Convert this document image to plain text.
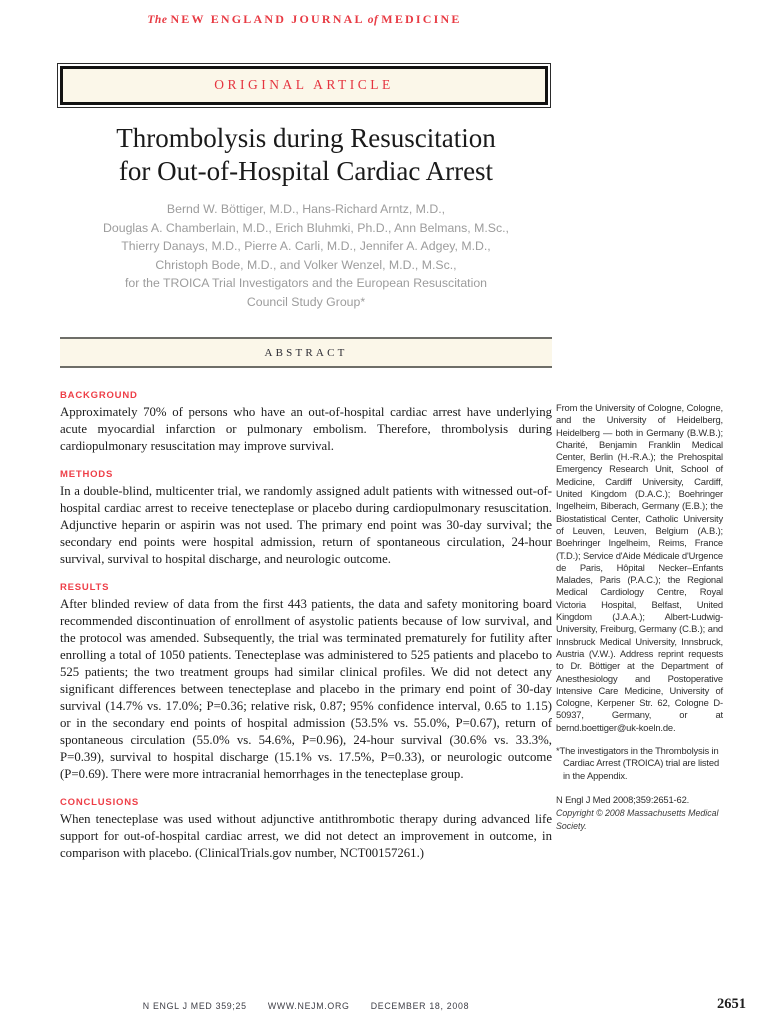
The NEW ENGLAND JOURNAL of MEDICINE
ORIGINAL ARTICLE
Thrombolysis during Resuscitation
for Out-of-Hospital Cardiac Arrest
Bernd W. Böttiger, M.D., Hans-Richard Arntz, M.D.,
Douglas A. Chamberlain, M.D., Erich Bluhmki, Ph.D., Ann Belmans, M.Sc.,
Thierry Danays, M.D., Pierre A. Carli, M.D., Jennifer A. Adgey, M.D.,
Christoph Bode, M.D., and Volker Wenzel, M.D., M.Sc.,
for the TROICA Trial Investigators and the European Resuscitation
Council Study Group*
ABSTRACT
BACKGROUND

Approximately 70% of persons who have an out-of-hospital cardiac arrest have underlying acute myocardial infarction or pulmonary embolism. Therefore, thrombolysis during cardiopulmonary resuscitation may improve survival.

METHODS

In a double-blind, multicenter trial, we randomly assigned adult patients with witnessed out-of-hospital cardiac arrest to receive tenecteplase or placebo during cardiopulmonary resuscitation. Adjunctive heparin or aspirin was not used. The primary end point was 30-day survival; the secondary end points were hospital admission, return of spontaneous circulation, 24-hour survival, survival to hospital discharge, and neurologic outcome.

RESULTS

After blinded review of data from the first 443 patients, the data and safety monitoring board recommended discontinuation of enrollment of asystolic patients because of low survival, and the protocol was amended. Subsequently, the trial was terminated prematurely for futility after enrolling a total of 1050 patients. Tenecteplase was administered to 525 patients and placebo to 525 patients; the two treatment groups had similar clinical profiles. We did not detect any significant differences between tenecteplase and placebo in the primary end point of 30-day survival (14.7% vs. 17.0%; P=0.36; relative risk, 0.87; 95% confidence interval, 0.65 to 1.15) or in the secondary end points of hospital admission (53.5% vs. 55.0%, P=0.67), return of spontaneous circulation (55.0% vs. 54.6%, P=0.96), 24-hour survival (30.6% vs. 33.3%, P=0.39), survival to hospital discharge (15.1% vs. 17.5%, P=0.33), or neurologic outcome (P=0.69). There were more intracranial hemorrhages in the tenecteplase group.

CONCLUSIONS

When tenecteplase was used without adjunctive antithrombotic therapy during advanced life support for out-of-hospital cardiac arrest, we did not detect an improvement in outcome, in comparison with placebo. (ClinicalTrials.gov number, NCT00157261.)

From the University of Cologne, Cologne, and the University of Heidelberg, Heidelberg — both in Germany (B.W.B.); Charité, Benjamin Franklin Medical Center, Berlin (H.-R.A.); the Prehospital Emergency Research Unit, School of Medicine, Cardiff University, Cardiff, United Kingdom (D.A.C.); Boehringer Ingelheim, Biberach, Germany (E.B.); the Biostatistical Center, Catholic University of Leuven, Leuven, Belgium (A.B.); Boehringer Ingelheim, Reims, France (T.D.); Service d'Aide Médicale d'Urgence de Paris, Hôpital Necker–Enfants Malades, Paris (P.A.C.); the Regional Medical Cardiology Centre, Royal Victoria Hospital, Belfast, United Kingdom (J.A.A.); Albert-Ludwig-University, Freiburg, Germany (C.B.); and Innsbruck Medical University, Innsbruck, Austria (V.W.). Address reprint requests to Dr. Böttiger at the Department of Anesthesiology and Postoperative Intensive Care Medicine, University of Cologne, Kerpener Str. 62, Cologne D-50937, Germany, or at bernd.boettiger@uk-koeln.de.

*The investigators in the Thrombolysis in Cardiac Arrest (TROICA) trial are listed in the Appendix.

N Engl J Med 2008;359:2651-62.

Copyright © 2008 Massachusetts Medical Society.

N ENGL J MED 359;25 WWW.NEJM.ORG DECEMBER 18, 2008	2651
